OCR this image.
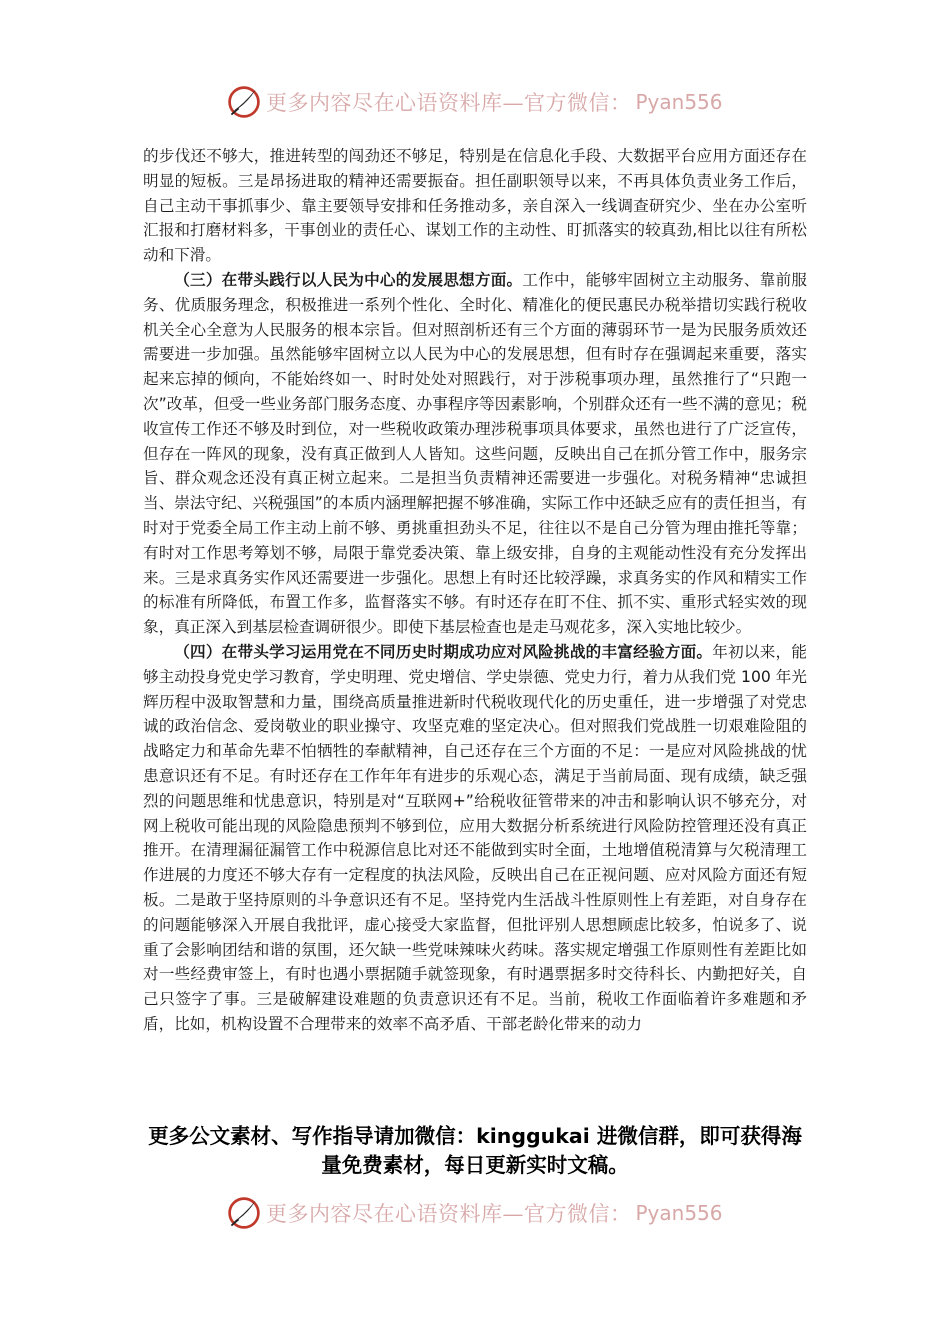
更多内容尽在心语资料库—官方微信： Pyan556

的步伐还不够大，推进转型的闯劲还不够足，特别是在信息化手段、大数据平台应用方面还存在明显的短板。三是昂扬进取的精神还需要振奋。担任副职领导以来，不再具体负责业务工作后，自己主动干事抓事少、靠主要领导安排和任务推动多，亲自深入一线调查研究少、坐在办公室听汇报和打磨材料多，干事创业的责任心、谋划工作的主动性、盯抓落实的较真劲,相比以往有所松动和下滑。

（三）在带头践行以人民为中心的发展思想方面。工作中，能够牢固树立主动服务、靠前服务、优质服务理念，积极推进一系列个性化、全时化、精准化的便民惠民办税举措切实践行税收机关全心全意为人民服务的根本宗旨。但对照剖析还有三个方面的薄弱环节一是为民服务质效还需要进一步加强。虽然能够牢固树立以人民为中心的发展思想，但有时存在强调起来重要，落实起来忘掉的倾向，不能始终如一、时时处处对照践行，对于涉税事项办理，虽然推行了“只跑一次”改革，但受一些业务部门服务态度、办事程序等因素影响，个别群众还有一些不满的意见；税收宣传工作还不够及时到位，对一些税收政策办理涉税事项具体要求，虽然也进行了广泛宣传，但存在一阵风的现象，没有真正做到人人皆知。这些问题，反映出自己在抓分管工作中，服务宗旨、群众观念还没有真正树立起来。二是担当负责精神还需要进一步强化。对税务精神“忠诚担当、崇法守纪、兴税强国”的本质内涵理解把握不够准确，实际工作中还缺乏应有的责任担当，有时对于党委全局工作主动上前不够、勇挑重担劲头不足，往往以不是自己分管为理由推托等靠；有时对工作思考筹划不够，局限于靠党委决策、靠上级安排，自身的主观能动性没有充分发挥出来。三是求真务实作风还需要进一步强化。思想上有时还比较浮躁，求真务实的作风和精实工作的标准有所降低，布置工作多，监督落实不够。有时还存在盯不住、抓不实、重形式轻实效的现象，真正深入到基层检查调研很少。即使下基层检查也是走马观花多，深入实地比较少。

（四）在带头学习运用党在不同历史时期成功应对风险挑战的丰富经验方面。年初以来，能够主动投身党史学习教育，学史明理、党史增信、学史崇德、党史力行，着力从我们党 100 年光辉历程中汲取智慧和力量，围绕高质量推进新时代税收现代化的历史重任，进一步增强了对党忠诚的政治信念、爱岗敬业的职业操守、攻坚克难的坚定决心。但对照我们党战胜一切艰难险阻的战略定力和革命先辈不怕牺牲的奉献精神，自己还存在三个方面的不足：一是应对风险挑战的忧患意识还有不足。有时还存在工作年年有进步的乐观心态，满足于当前局面、现有成绩，缺乏强烈的问题思维和忧患意识，特别是对“互联网+”给税收征管带来的冲击和影响认识不够充分，对网上税收可能出现的风险隐患预判不够到位，应用大数据分析系统进行风险防控管理还没有真正推开。在清理漏征漏管工作中税源信息比对还不能做到实时全面，土地增值税清算与欠税清理工作进展的力度还不够大存有一定程度的执法风险，反映出自己在正视问题、应对风险方面还有短板。二是敢于坚持原则的斗争意识还有不足。坚持党内生活战斗性原则性上有差距，对自身存在的问题能够深入开展自我批评，虚心接受大家监督，但批评别人思想顾虑比较多，怕说多了、说重了会影响团结和谐的氛围，还欠缺一些党味辣味火药味。落实规定增强工作原则性有差距比如对一些经费审签上，有时也遇小票据随手就签现象，有时遇票据多时交待科长、内勤把好关，自己只签字了事。三是破解建设难题的负责意识还有不足。当前，税收工作面临着许多难题和矛盾，比如，机构设置不合理带来的效率不高矛盾、干部老龄化带来的动力

更多公文素材、写作指导请加微信：kinggukai 进微信群，即可获得海量免费素材，每日更新实时文稿。
更多内容尽在心语资料库—官方微信： Pyan556
